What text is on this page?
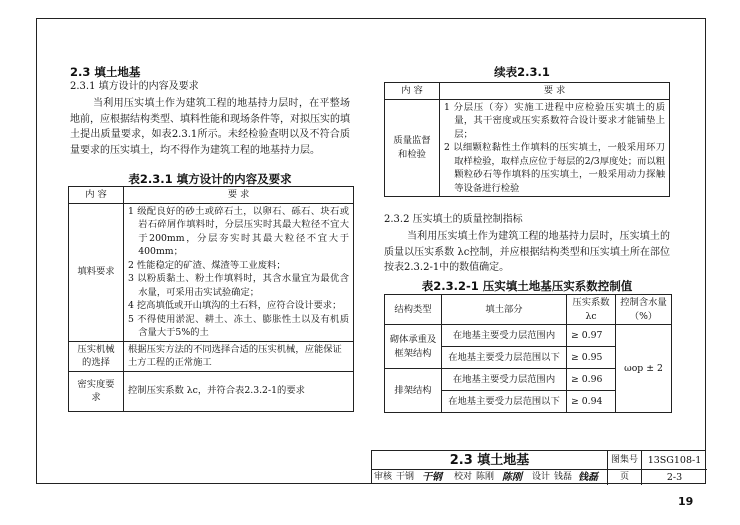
2.3 填土地基
2.3.1 填方设计的内容及要求
当利用压实填土作为建筑工程的地基持力层时，在平整场地前，应根据结构类型、填料性能和现场条件等，对拟压实的填土提出质量要求，如表2.3.1所示。未经检验查明以及不符合质量要求的压实填土，均不得作为建筑工程的地基持力层。
表2.3.1 填方设计的内容及要求
内 容	要 求
填料要求	1 级配良好的砂土或碎石土，以卵石、砾石、块石或岩石碎屑作填料时，分层压实时其最大粒径不宜大于200mm，分层夯实时其最大粒径不宜大于400mm；
2 性能稳定的矿渣、煤渣等工业废料；
3 以粉质黏土、粉土作填料时，其含水量宜为最优含水量，可采用击实试验确定；
4 挖高填低或开山填沟的土石料，应符合设计要求；
5 不得使用淤泥、耕土、冻土、膨胀性土以及有机质含量大于5%的土

压实机械的选择	根据压实方法的不同选择合适的压实机械，应能保证土方工程的正常施工
密实度要求	控制压实系数 λc，并符合表2.3.2-1的要求
续表2.3.1
内 容	要 求
质量监督和检验	1 分层压（夯）实施工进程中应检验压实填土的质量，其干密度或压实系数符合设计要求才能铺垫上层；
2 以细颗粒黏性土作填料的压实填土，一般采用环刀取样检验，取样点应位于每层的2/3厚度处；而以粗颗粒砂石等作填料的压实填土，一般采用动力探触等设备进行检验
2.3.2 压实填土的质量控制指标
当利用压实填土作为建筑工程的地基持力层时，压实填土的质量以压实系数 λc控制，并应根据结构类型和压实填土所在部位按表2.3.2-1中的数值确定。
表2.3.2-1 压实填土地基压实系数控制值
结构类型	填土部分	压实系数 λc	控制含水量（%）
砌体承重及框架结构	在地基主要受力层范围内	≥ 0.97	ωop ± 2
	在地基主要受力层范围以下	≥ 0.95	
排架结构	在地基主要受力层范围内	≥ 0.96	
	在地基主要受力层范围以下	≥ 0.94	
2.3 填土地基	图集号	13SG108-1
审核 干钢 干钢 校对 陈刚 陈刚 设计 钱磊 钱磊	页	2-3
19
